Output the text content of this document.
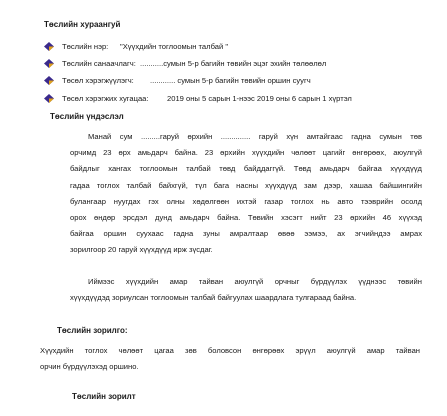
Төслийн хураангуй
Төслийн нэр:	"Хүүхдийн тоглоомын талбай "
Төслийн санаачлагч: ...........сумын 5-р багийн төвийн эцэг эхийн төлөөлөл
Төсөл хэрэгжүүлэгч:	............ сумын 5-р багийн төвийн оршин суугч
Төсөл хэрэгжих хугацаа:	2019 оны 5 сарын 1-нээс 2019 оны 6 сарын 1 хүртэл
Төслийн үндэслэл
Манай сум .........гаруй өрхийн .............. гаруй хүн амтайгаас гадна сумын төв
орчимд 23 өрх амьдарч байна. 23 өрхийн хүүхдийн чөлөөт цагийг өнгөрөөх, аюулгүй
байдлыг хангах тоглоомын талбай төвд байддаггүй. Төвд амьдарч байгаа хүүхдүүд
гадаа тоглох талбай байхгүй, түл бага насны хүүхдүүд зам дээр, хашаа байшингийн
булангаар нуугдах гэх олны хөдөлгөөн ихтэй газар тоглох нь авто тээврийн осолд
орох өндөр эрсдэл дунд амьдарч байна. Төвийн хэсэгт нийт 23 өрхийн 46 хүүхэд
байгаа оршин суухаас гадна зуны амралтаар өвөө ээмээ, ах эгчийндээ амрах
зорилгоор 20 гаруй хүүхдүүд ирж зүсдаг.
Иймээс хүүхдийн амар тайван аюулгүй орчныг бүрдүүлэх үүднээс төвийн
хүүхдүүдэд зориулсан тоглоомын талбай байгуулах шаардлага тулгараад байна.
Төслийн зорилго:
Хүүхдийн тоглох чөлөөт цагаа зөв боловсон өнгөрөөх эрүүл аюулгүй амар тайван
орчин бүрдүүлэхэд оршино.
Төслийн зорилт
